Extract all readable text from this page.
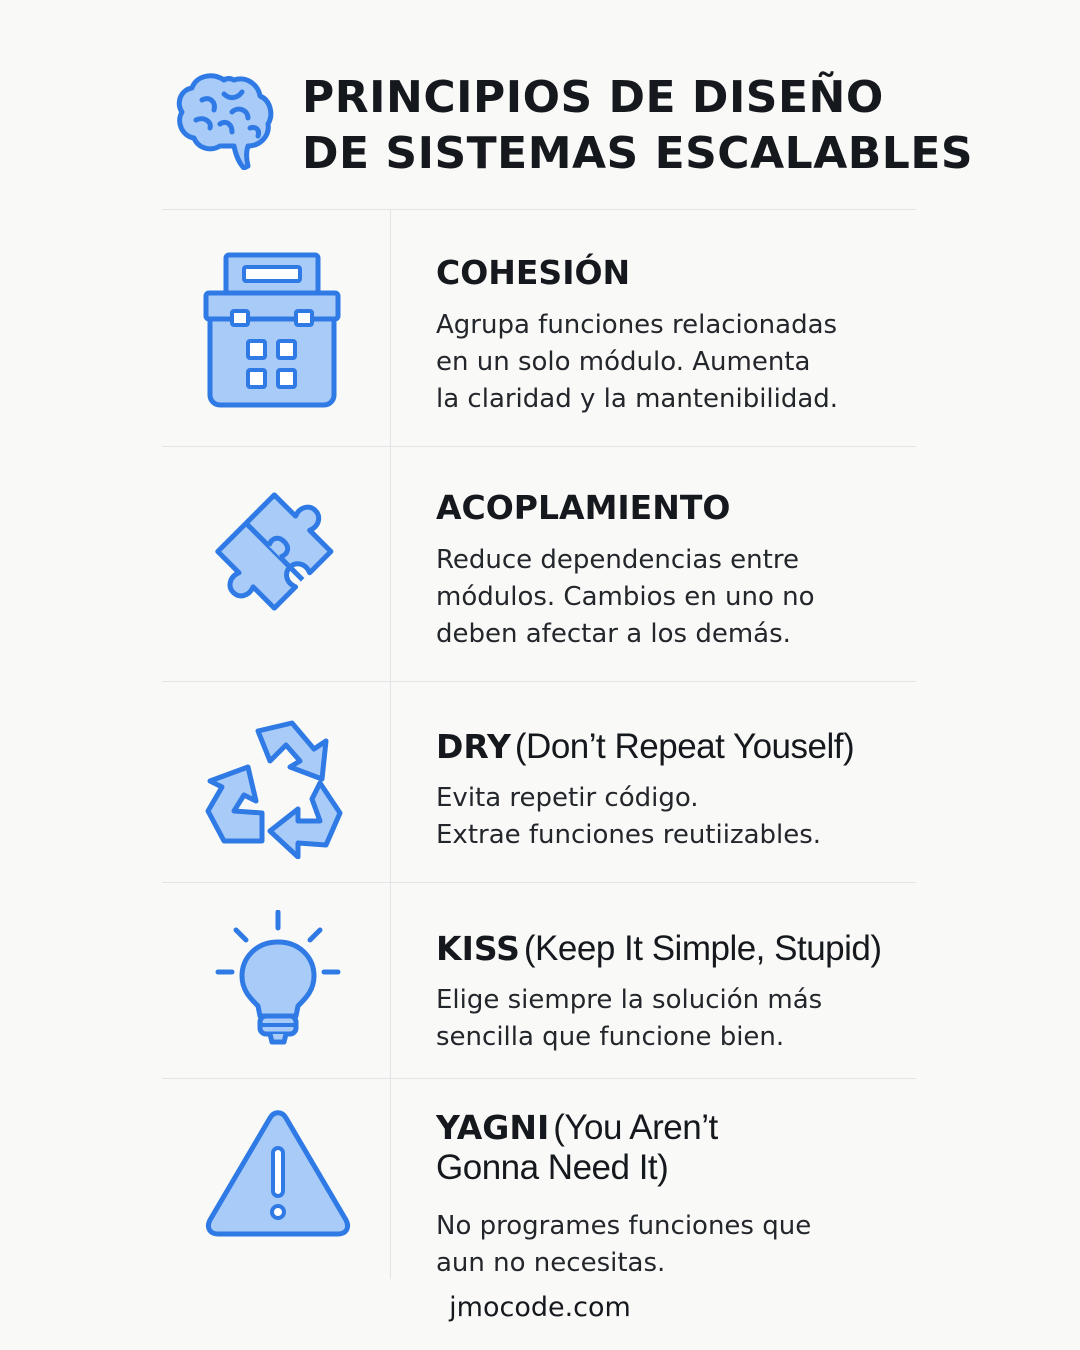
PRINCIPIOS DE DISEÑO
DE SISTEMAS ESCALABLES
COHESIÓN
Agrupa funciones relacionadas
en un solo módulo. Aumenta
la claridad y la mantenibilidad.
ACOPLAMIENTO
Reduce dependencias entre
módulos. Cambios en uno no
deben afectar a los demás.
DRY (Don’t Repeat Youself)
Evita repetir código.
Extrae funciones reutiizables.
KISS (Keep It Simple, Stupid)
Elige siempre la solución más
sencilla que funcione bien.
YAGNI (You Aren’t
Gonna Need It)
No programes funciones que
aun no necesitas.
jmocode.com
